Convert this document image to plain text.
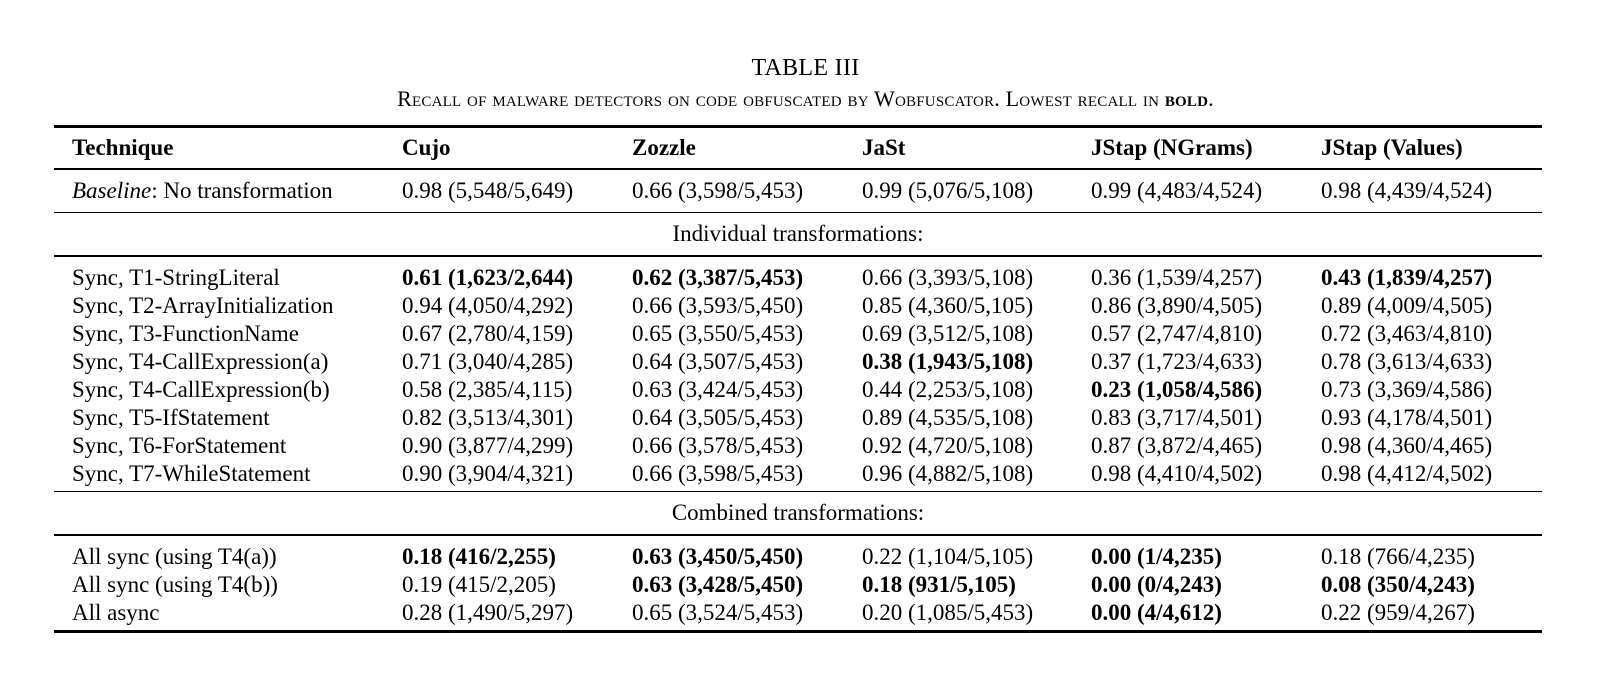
TABLE III
Recall of malware detectors on code obfuscated by Wobfuscator. Lowest recall in bold.
Technique	Cujo	Zozzle	JaSt	JStap (NGrams)	JStap (Values)
Baseline: No transformation	0.98 (5,548/5,649)	0.66 (3,598/5,453)	0.99 (5,076/5,108)	0.99 (4,483/4,524)	0.98 (4,439/4,524)
Individual transformations:
Sync, T1-StringLiteral	0.61 (1,623/2,644)	0.62 (3,387/5,453)	0.66 (3,393/5,108)	0.36 (1,539/4,257)	0.43 (1,839/4,257)
Sync, T2-ArrayInitialization	0.94 (4,050/4,292)	0.66 (3,593/5,450)	0.85 (4,360/5,105)	0.86 (3,890/4,505)	0.89 (4,009/4,505)
Sync, T3-FunctionName	0.67 (2,780/4,159)	0.65 (3,550/5,453)	0.69 (3,512/5,108)	0.57 (2,747/4,810)	0.72 (3,463/4,810)
Sync, T4-CallExpression(a)	0.71 (3,040/4,285)	0.64 (3,507/5,453)	0.38 (1,943/5,108)	0.37 (1,723/4,633)	0.78 (3,613/4,633)
Sync, T4-CallExpression(b)	0.58 (2,385/4,115)	0.63 (3,424/5,453)	0.44 (2,253/5,108)	0.23 (1,058/4,586)	0.73 (3,369/4,586)
Sync, T5-IfStatement	0.82 (3,513/4,301)	0.64 (3,505/5,453)	0.89 (4,535/5,108)	0.83 (3,717/4,501)	0.93 (4,178/4,501)
Sync, T6-ForStatement	0.90 (3,877/4,299)	0.66 (3,578/5,453)	0.92 (4,720/5,108)	0.87 (3,872/4,465)	0.98 (4,360/4,465)
Sync, T7-WhileStatement	0.90 (3,904/4,321)	0.66 (3,598/5,453)	0.96 (4,882/5,108)	0.98 (4,410/4,502)	0.98 (4,412/4,502)
Combined transformations:
All sync (using T4(a))	0.18 (416/2,255)	0.63 (3,450/5,450)	0.22 (1,104/5,105)	0.00 (1/4,235)	0.18 (766/4,235)
All sync (using T4(b))	0.19 (415/2,205)	0.63 (3,428/5,450)	0.18 (931/5,105)	0.00 (0/4,243)	0.08 (350/4,243)
All async	0.28 (1,490/5,297)	0.65 (3,524/5,453)	0.20 (1,085/5,453)	0.00 (4/4,612)	0.22 (959/4,267)
